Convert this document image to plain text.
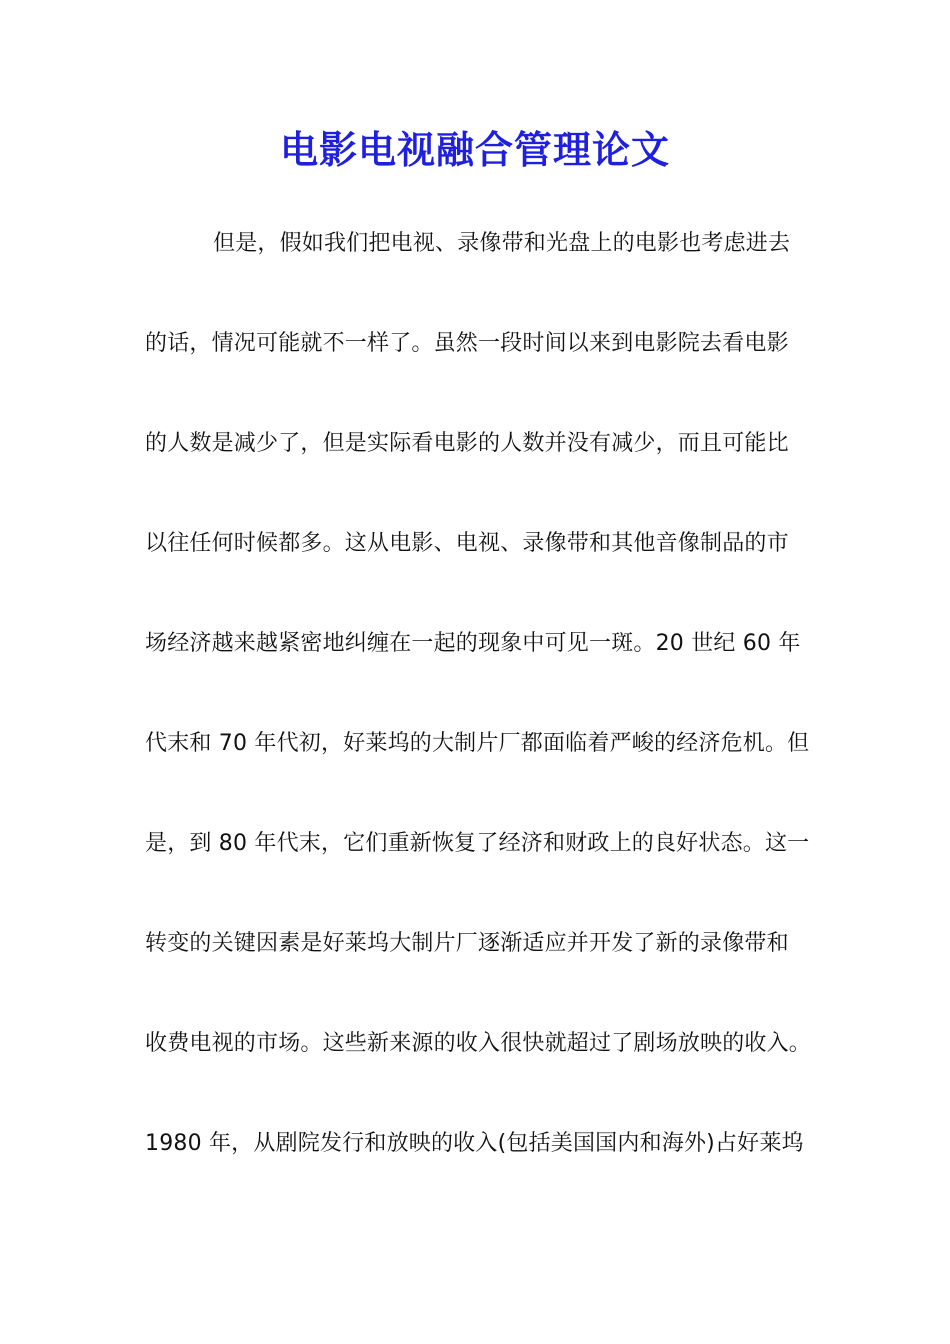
电影电视融合管理论文
但是，假如我们把电视、录像带和光盘上的电影也考虑进去
的话，情况可能就不一样了。虽然一段时间以来到电影院去看电影
的人数是减少了，但是实际看电影的人数并没有减少，而且可能比
以往任何时候都多。这从电影、电视、录像带和其他音像制品的市
场经济越来越紧密地纠缠在一起的现象中可见一斑。20 世纪 60 年
代末和 70 年代初，好莱坞的大制片厂都面临着严峻的经济危机。但
是，到 80 年代末，它们重新恢复了经济和财政上的良好状态。这一
转变的关键因素是好莱坞大制片厂逐渐适应并开发了新的录像带和
收费电视的市场。这些新来源的收入很快就超过了剧场放映的收入。
1980 年，从剧院发行和放映的收入(包括美国国内和海外)占好莱坞
